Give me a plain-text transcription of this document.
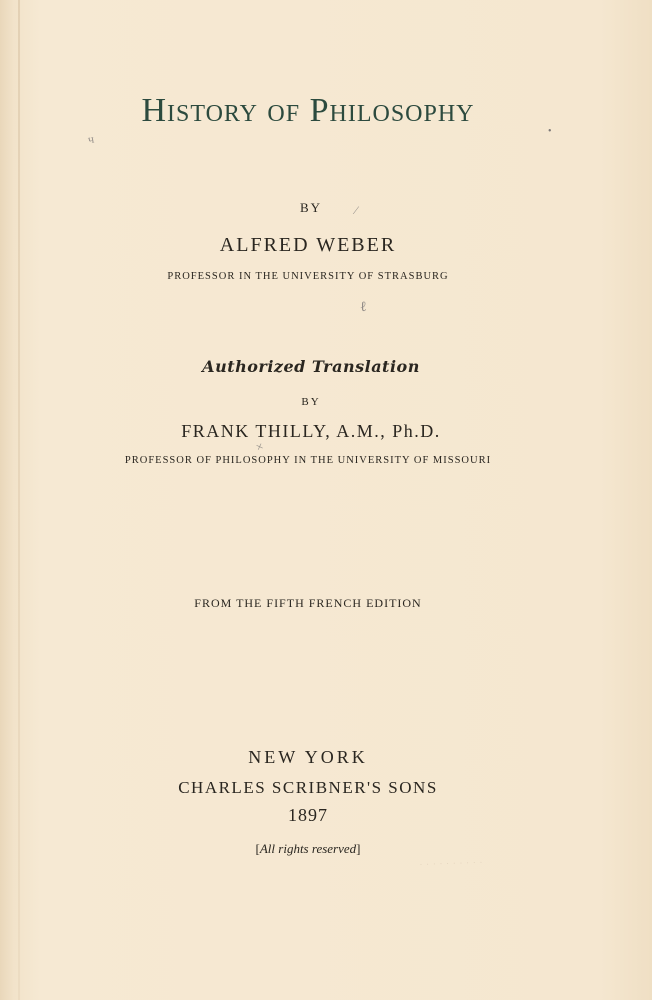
History of Philosophy
BY
ALFRED WEBER
PROFESSOR IN THE UNIVERSITY OF STRASBURG
Authorized Translation
BY
FRANK THILLY, A.M., Ph.D.
PROFESSOR OF PHILOSOPHY IN THE UNIVERSITY OF MISSOURI
FROM THE FIFTH FRENCH EDITION
NEW YORK
CHARLES SCRIBNER'S SONS
1897
[All rights reserved]
ч
•
⁄
ℓ
×
· · · · · · · · · ·
